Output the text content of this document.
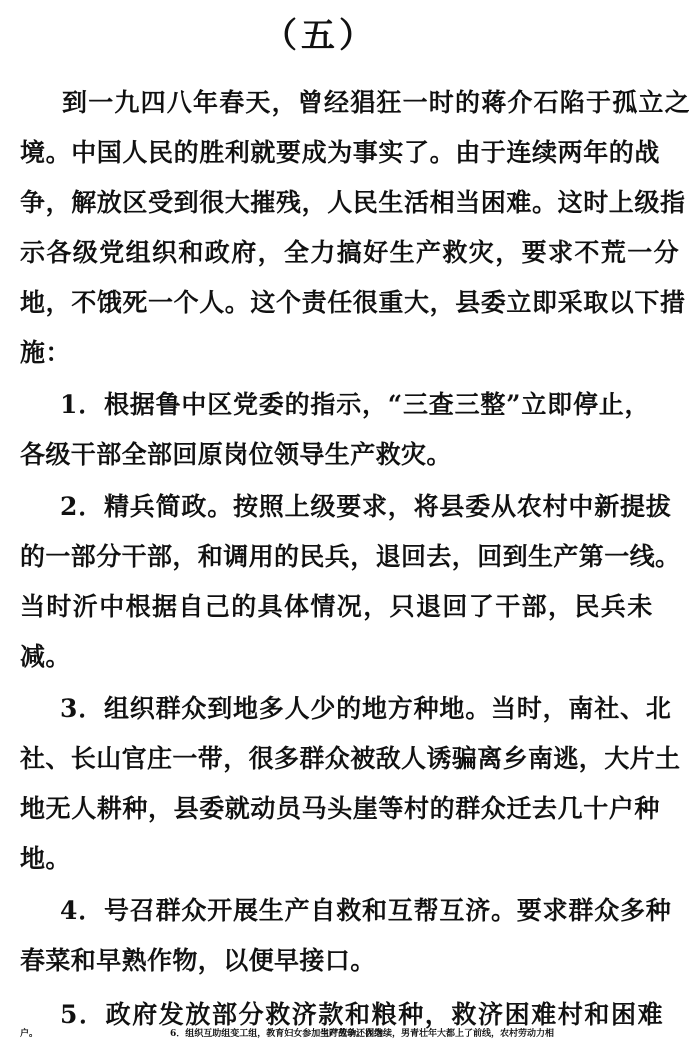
（五）
到一九四八年春天，曾经猖狂一时的蒋介石陷于孤立之
境。中国人民的胜利就要成为事实了。由于连续两年的战
争，解放区受到很大摧残，人民生活相当困难。这时上级指
示各级党组织和政府，全力搞好生产救灾，要求不荒一分
地，不饿死一个人。这个责任很重大，县委立即采取以下措
施：
1．根据鲁中区党委的指示，“三查三整”立即停止，
各级干部全部回原岗位领导生产救灾。
2．精兵简政。按照上级要求，将县委从农村中新提拔
的一部分干部，和调用的民兵，退回去，回到生产第一线。
当时沂中根据自己的具体情况，只退回了干部，民兵未
减。
3．组织群众到地多人少的地方种地。当时，南社、北
社、长山官庄一带，很多群众被敌人诱骗离乡南逃，大片土
地无人耕种，县委就动员马头崖等村的群众迁去几十户种
地。
4．号召群众开展生产自救和互帮互济。要求群众多种
春菜和早熟作物，以便早接口。
5．政府发放部分救济款和粮种，救济困难村和困难
户。	6．组织互助组变工组，教育妇女参加生产劳动。因为
当时战争还在继续，男青壮年大都上了前线，农村劳动力相
